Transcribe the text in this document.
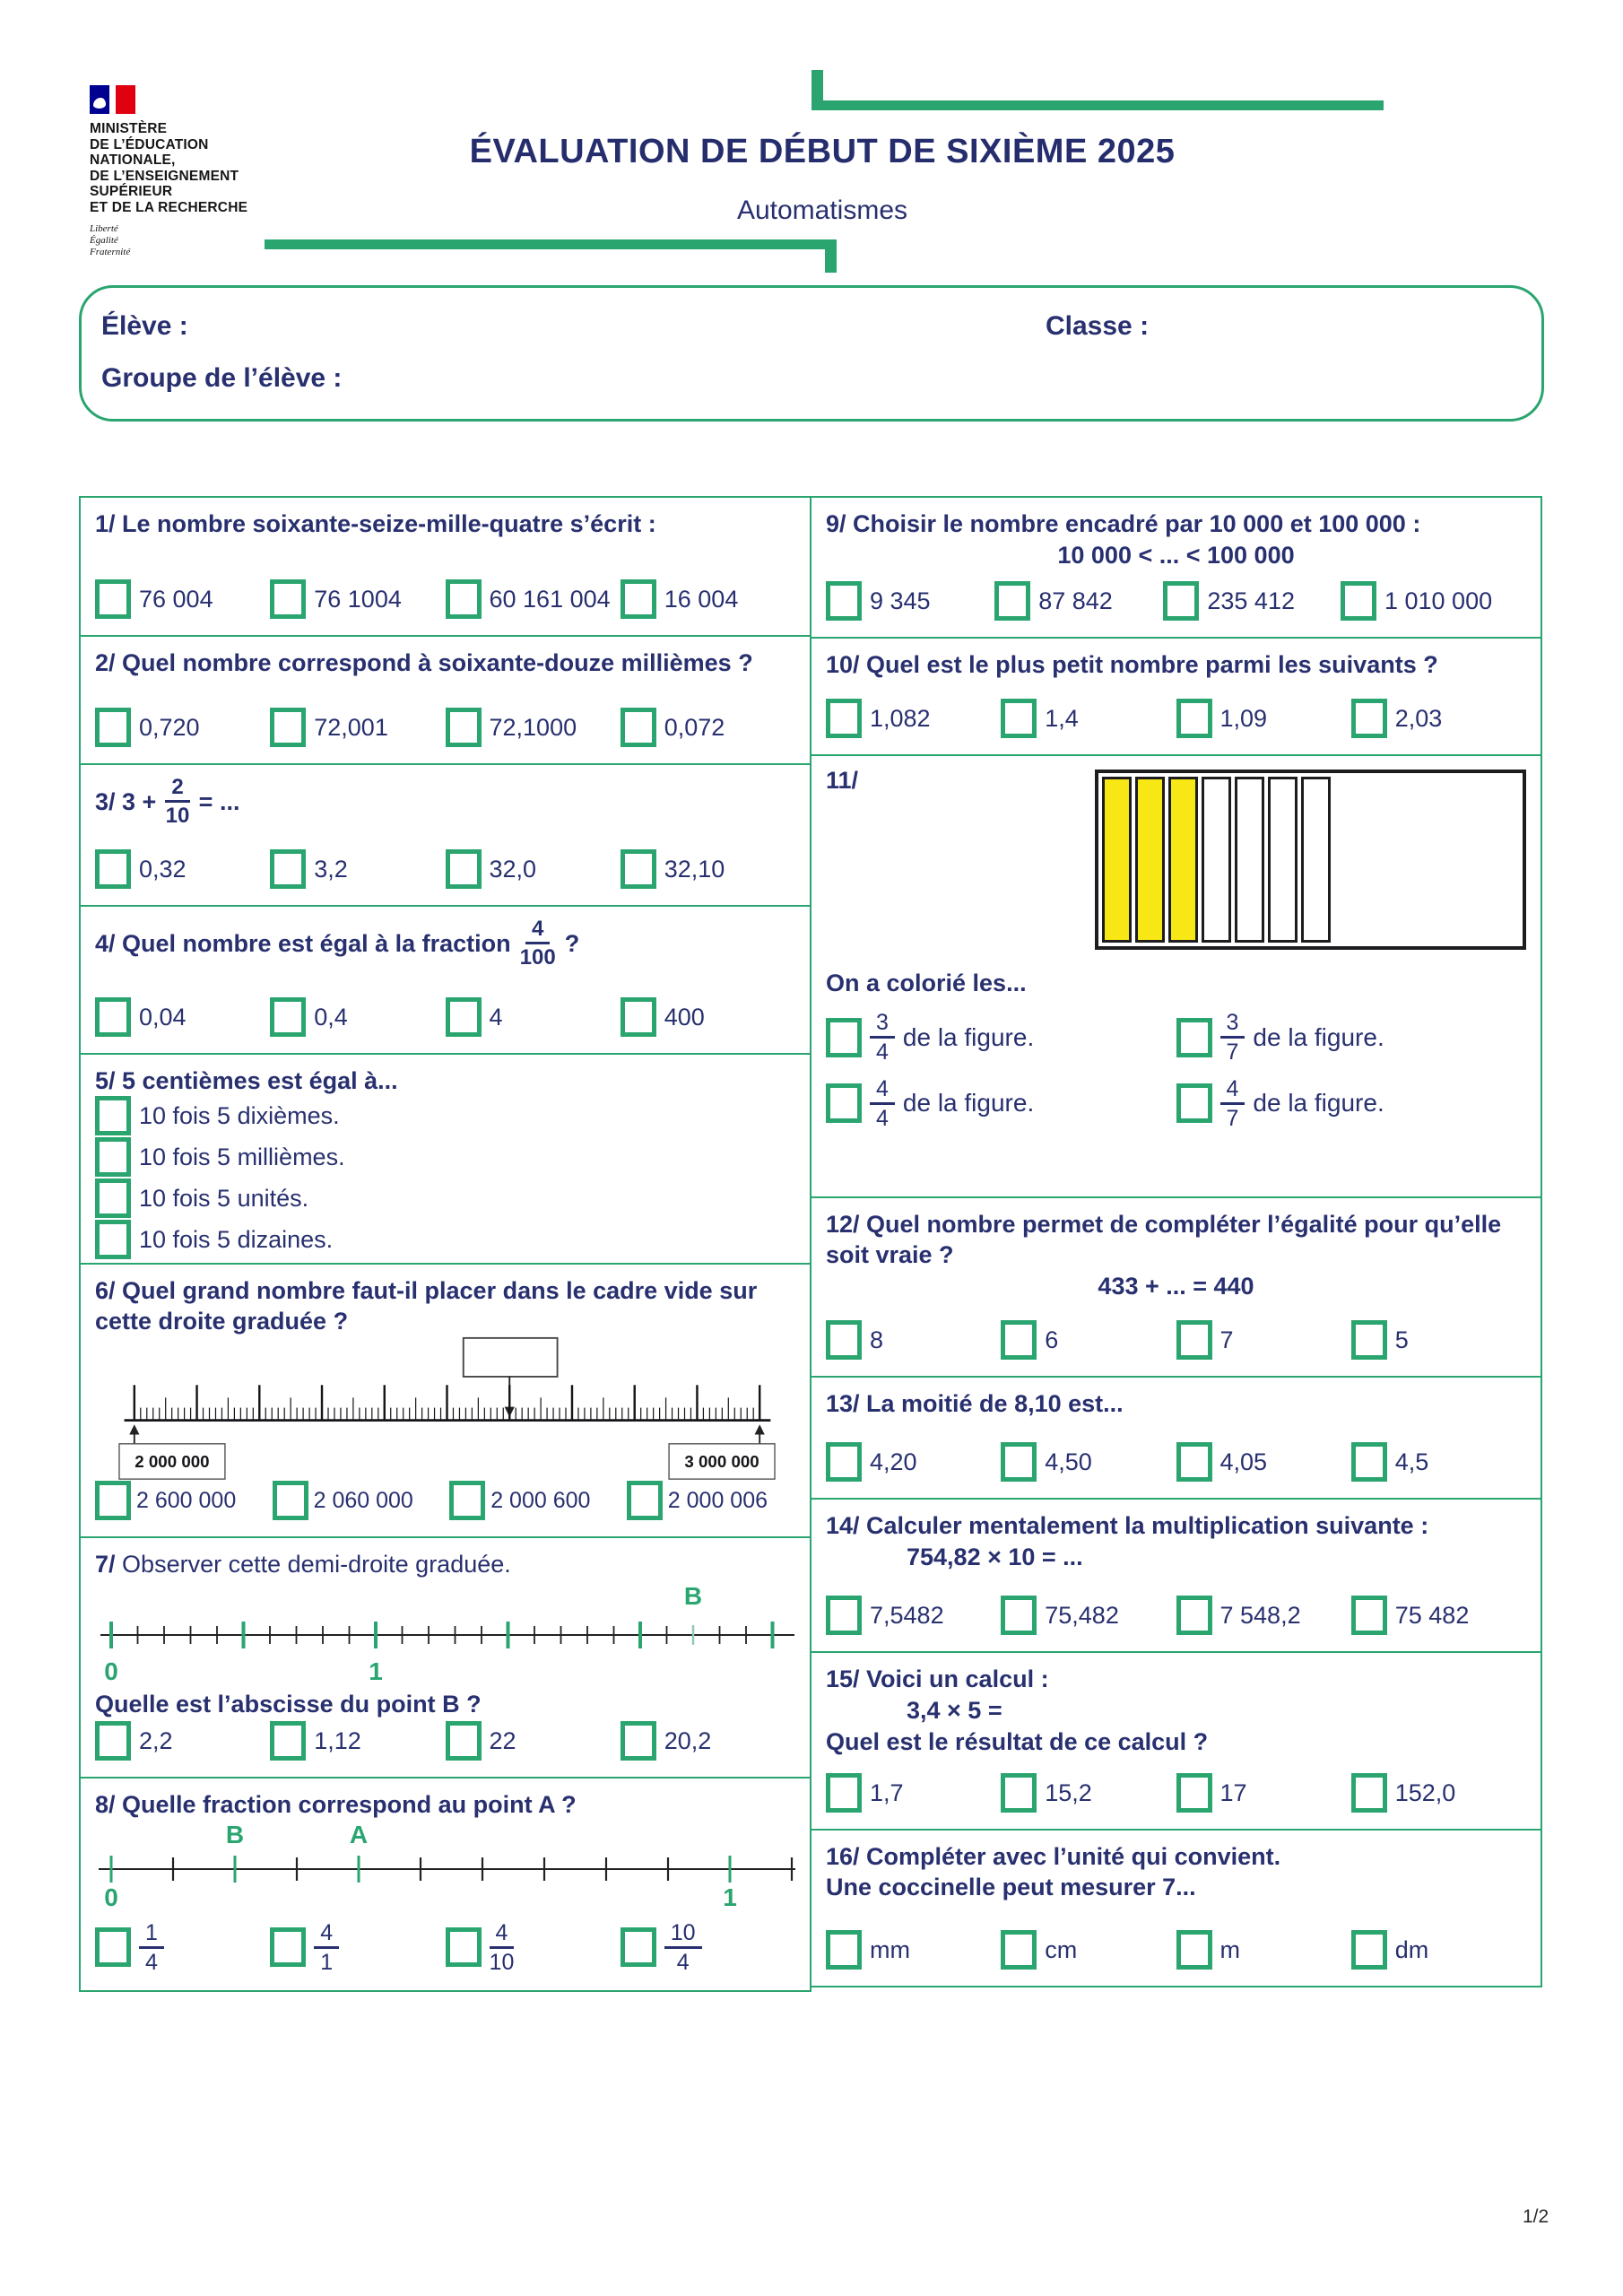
MINISTÈRE
DE L’ÉDUCATION
NATIONALE,
DE L’ENSEIGNEMENT
SUPÉRIEUR
ET DE LA RECHERCHE
Liberté
Égalité
Fraternité
ÉVALUATION DE DÉBUT DE SIXIÈME 2025
Automatismes
Élève :	Classe :
Groupe de l’élève :
1/ Le nombre soixante-seize-mille-quatre s’écrit :
76 004	76 1004	60 161 004 16 004
2/ Quel nombre correspond à soixante-douze millièmes ?
0,720	72,001	72,1000	0,072
3/ $3 + \frac{2}{10}$ = ...
0,32	3,2	32,0	32,10
4/ Quel nombre est égal à la fraction $\frac{4}{100}$ ?
0,04	0,4	4	400
5/ 5 centièmes est égal à...
10 fois 5 dixièmes.
10 fois 5 millièmes.
10 fois 5 unités.
10 fois 5 dizaines.
6/ Quel grand nombre faut-il placer dans le cadre vide sur cette droite graduée ?
2 000 000	3 000 000
2 600 000	2 060 000	2 000 600	2 000 006
7/ Observer cette demi-droite graduée.
B
0	1
Quelle est l’abscisse du point B ?
2,2	1,12	22	20,2
8/ Quelle fraction correspond au point A ?
B	A
0	1
$\frac{1}{4}$	$\frac{4}{1}$	$\frac{4}{10}$	$\frac{10}{4}$
9/ Choisir le nombre encadré par 10 000 et 100 000 :
10 000 < ... < 100 000
9 345	87 842	235 412	1 010 000
10/ Quel est le plus petit nombre parmi les suivants ?
1,082	1,4	1,09	2,03
11/
On a colorié les...
$\frac{3}{4}$ de la figure.	$\frac{3}{7}$ de la figure.
$\frac{4}{4}$ de la figure.	$\frac{4}{7}$ de la figure.
12/ Quel nombre permet de compléter l’égalité pour qu’elle soit vraie ?
433 + ... = 440
8	6	7	5
13/ La moitié de 8,10 est...
4,20	4,50	4,05	4,5
14/ Calculer mentalement la multiplication suivante :
754,82 × 10 = ...
7,5482	75,482	7 548,2	75 482
15/ Voici un calcul :
3,4 × 5 =
Quel est le résultat de ce calcul ?
1,7	15,2	17	152,0
16/ Compléter avec l’unité qui convient.
Une coccinelle peut mesurer 7...
mm	cm	m	dm
1/2
